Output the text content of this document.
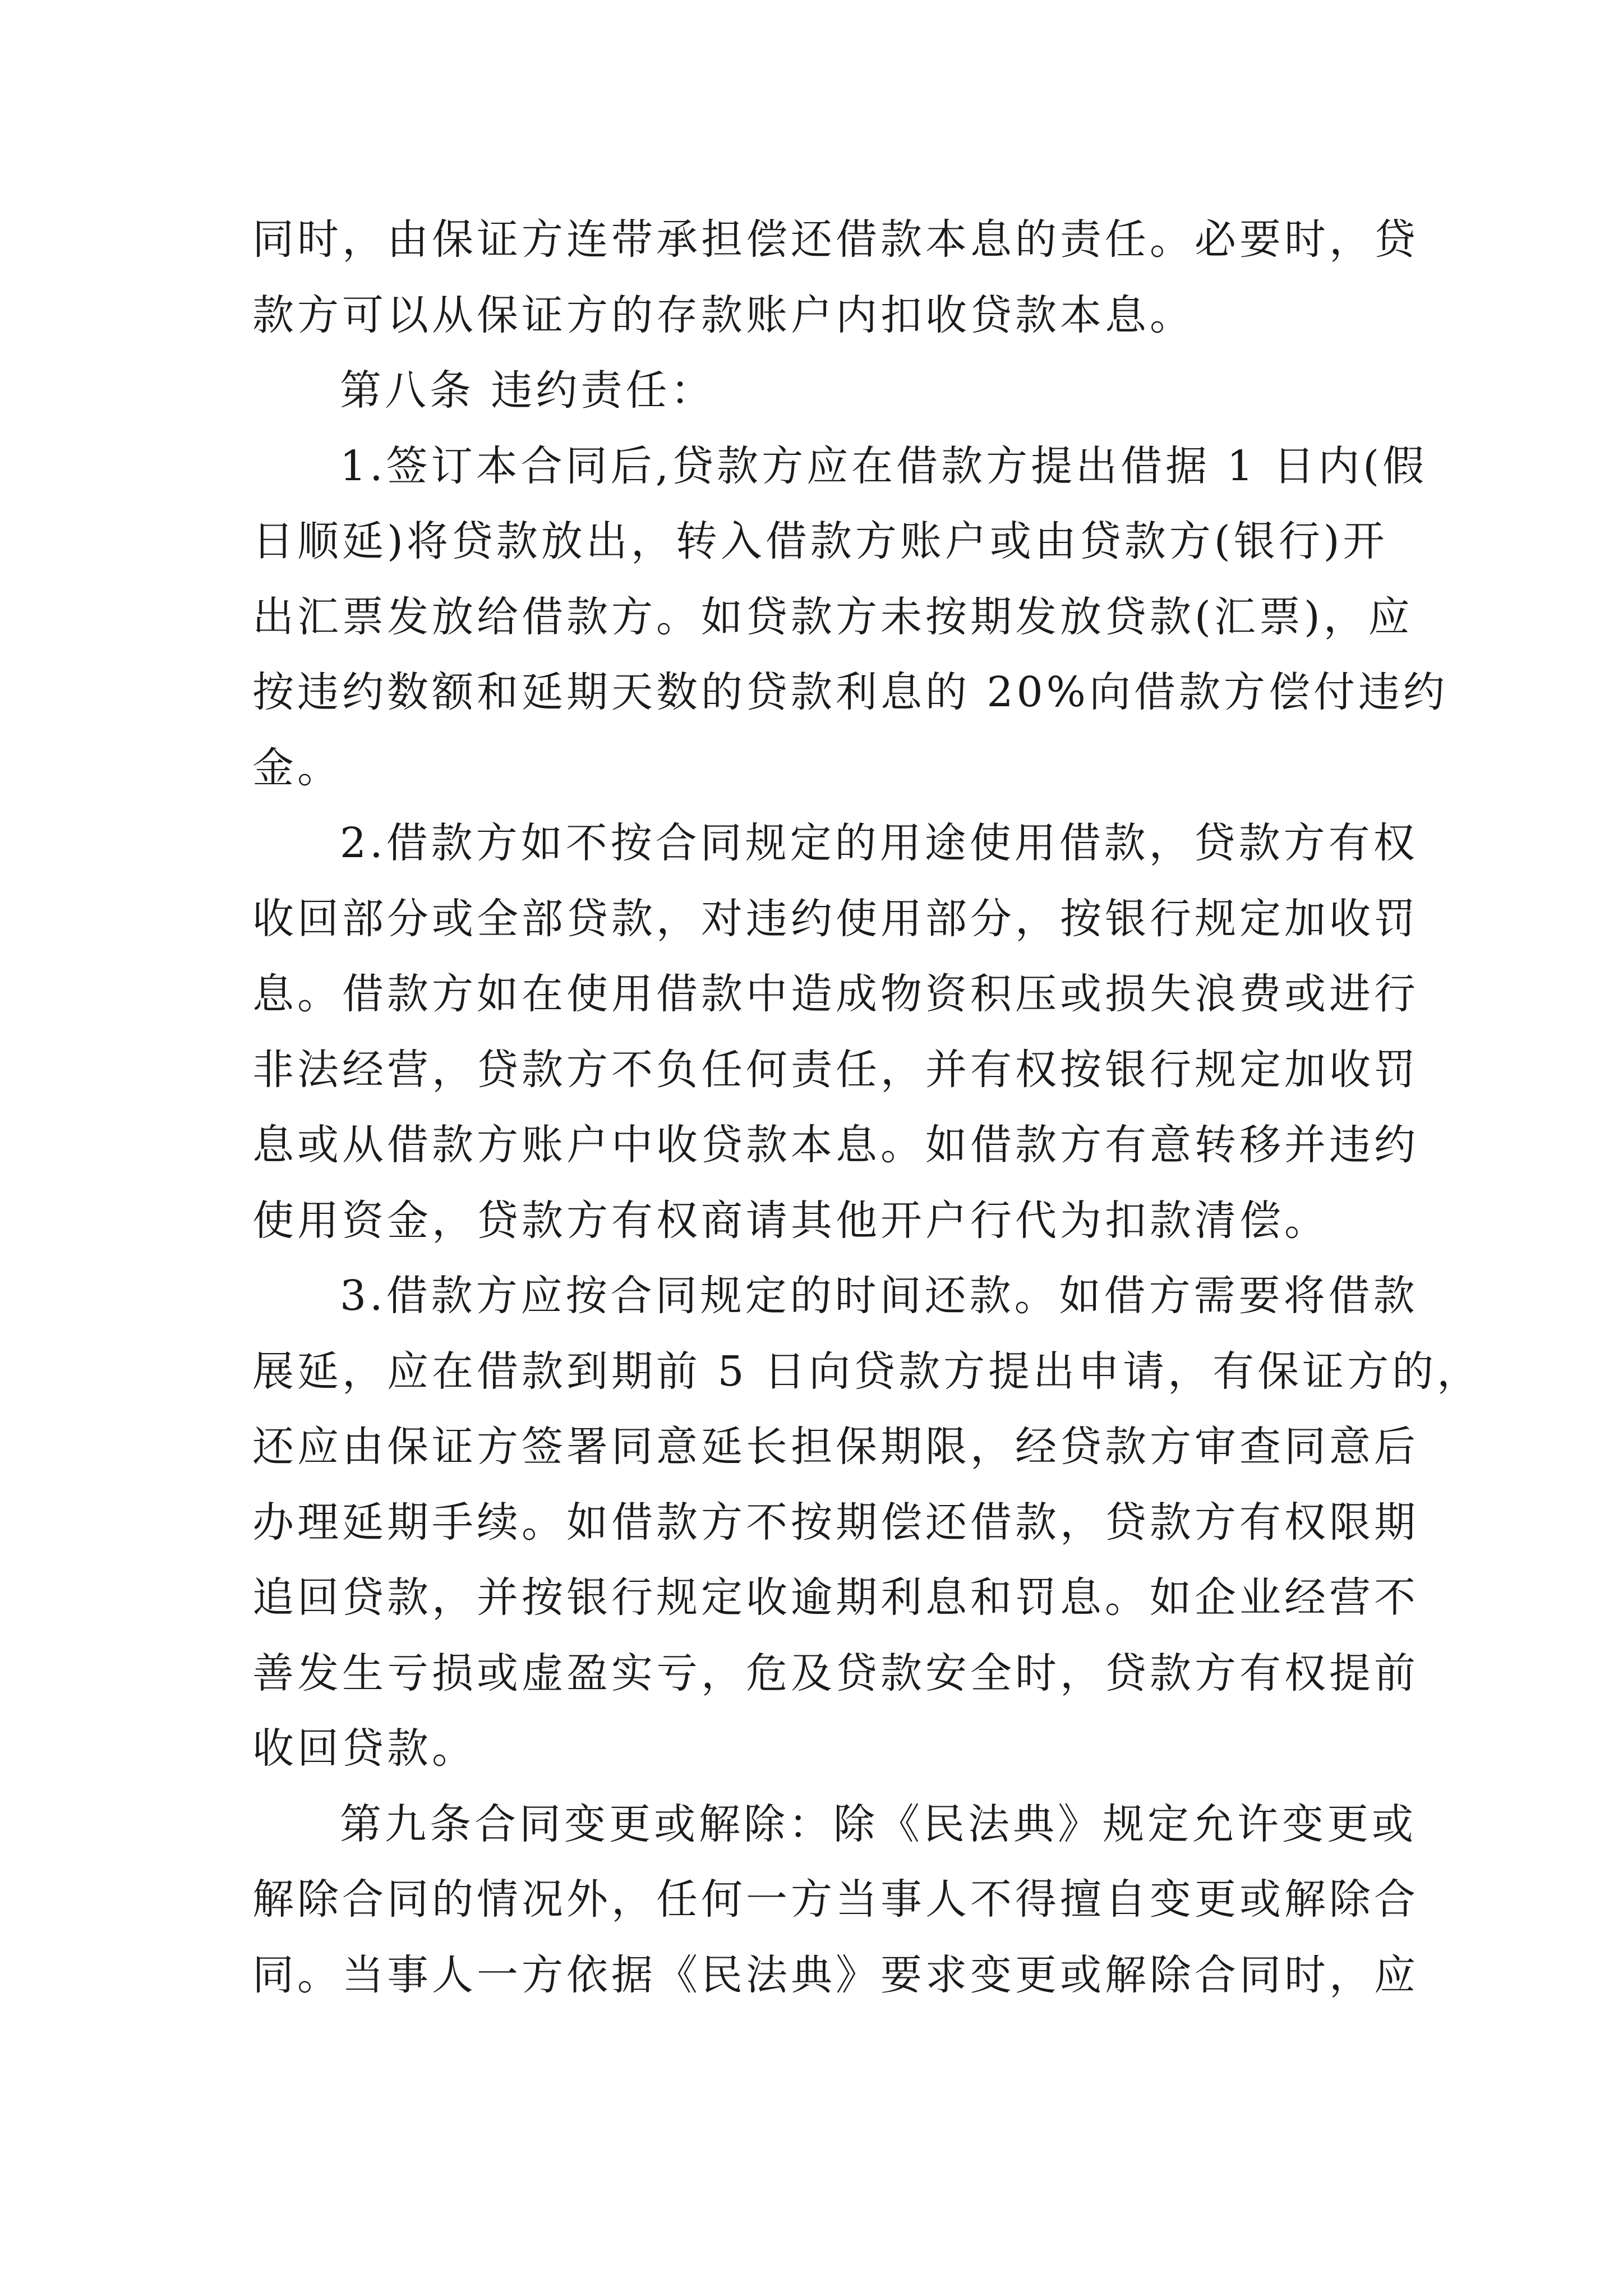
同时，由保证方连带承担偿还借款本息的责任。必要时，贷
款方可以从保证方的存款账户内扣收贷款本息。
第八条 违约责任：
1.签订本合同后,贷款方应在借款方提出借据 1 日内(假
日顺延)将贷款放出，转入借款方账户或由贷款方(银行)开
出汇票发放给借款方。如贷款方未按期发放贷款(汇票)，应
按违约数额和延期天数的贷款利息的 20%向借款方偿付违约
金。
2.借款方如不按合同规定的用途使用借款，贷款方有权
收回部分或全部贷款，对违约使用部分，按银行规定加收罚
息。借款方如在使用借款中造成物资积压或损失浪费或进行
非法经营，贷款方不负任何责任，并有权按银行规定加收罚
息或从借款方账户中收贷款本息。如借款方有意转移并违约
使用资金，贷款方有权商请其他开户行代为扣款清偿。
3.借款方应按合同规定的时间还款。如借方需要将借款
展延，应在借款到期前 5 日向贷款方提出申请，有保证方的，
还应由保证方签署同意延长担保期限，经贷款方审查同意后
办理延期手续。如借款方不按期偿还借款，贷款方有权限期
追回贷款，并按银行规定收逾期利息和罚息。如企业经营不
善发生亏损或虚盈实亏，危及贷款安全时，贷款方有权提前
收回贷款。
第九条合同变更或解除：除《民法典》规定允许变更或
解除合同的情况外，任何一方当事人不得擅自变更或解除合
同。当事人一方依据《民法典》要求变更或解除合同时，应
